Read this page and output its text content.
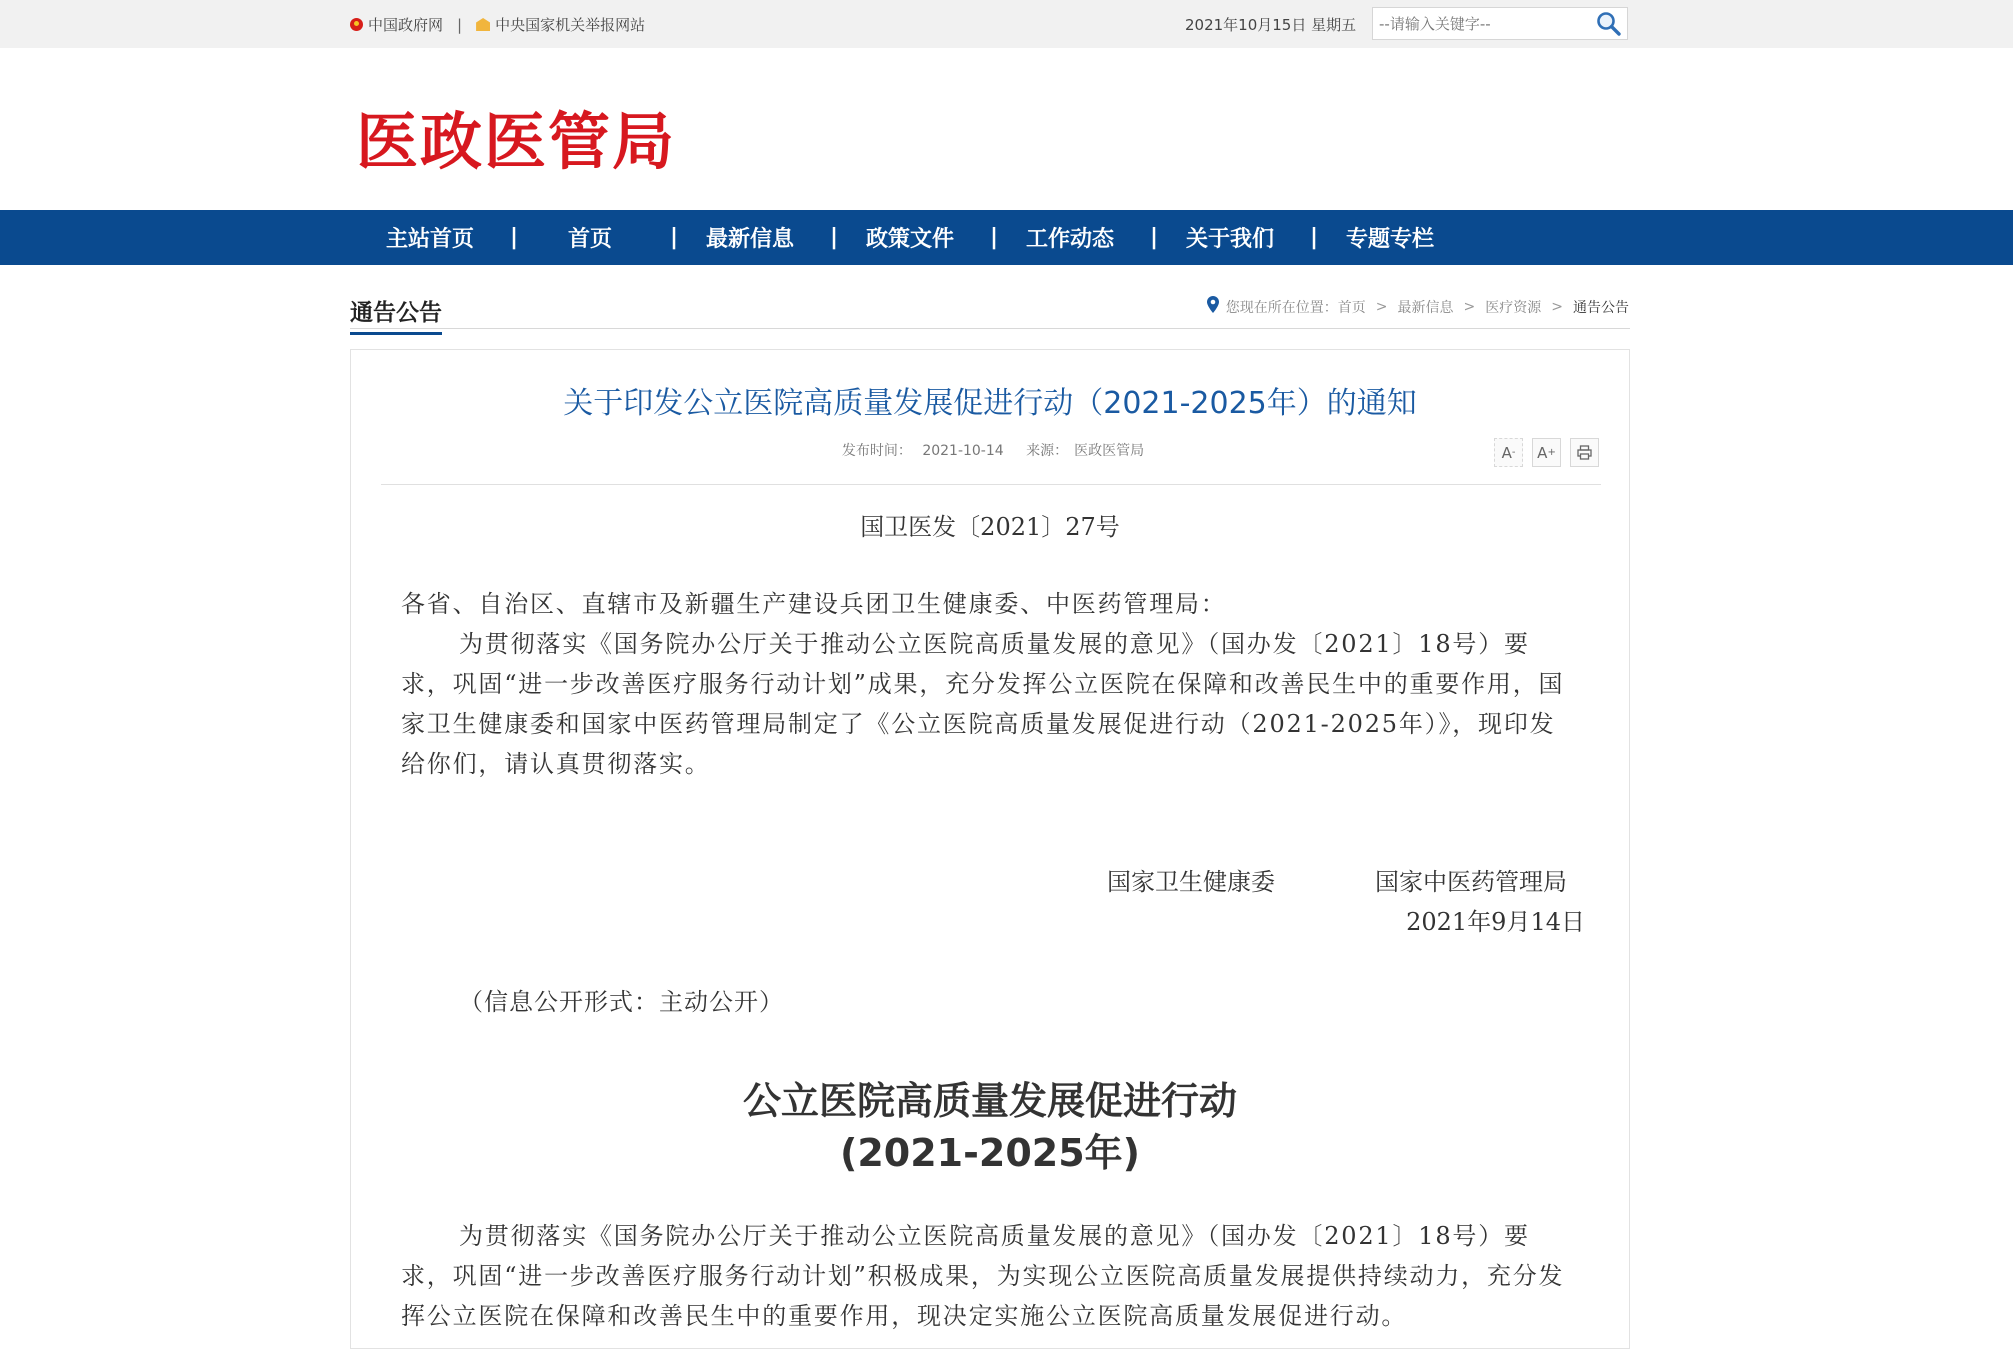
中国政府网 | 中央国家机关举报网站	2021年10月15日 星期五
--请输入关键字--
医政医管局
主站首页	|	首页	|	最新信息	|	政策文件	|	工作动态	|	关于我们	|	专题专栏
通告公告	您现在所在位置： 首页 > 最新信息 > 医疗资源 > 通告公告
关于印发公立医院高质量发展促进行动（2021-2025年）的通知
发布时间： 2021-10-14 来源： 医政医管局	A -	A +
国卫医发〔2021〕27号
各省、自治区、直辖市及新疆生产建设兵团卫生健康委、中医药管理局：
为贯彻落实《国务院办公厅关于推动公立医院高质量发展的意见》（国办发〔2021〕18号）要求，巩固“进一步改善医疗服务行动计划”成果，充分发挥公立医院在保障和改善民生中的重要作用，国家卫生健康委和国家中医药管理局制定了《公立医院高质量发展促进行动（2021-2025年）》，现印发给你们，请认真贯彻落实。
国家卫生健康委	国家中医药管理局
2021年9月14日
（信息公开形式：主动公开）
公立医院高质量发展促进行动
(2021-2025年)
为贯彻落实《国务院办公厅关于推动公立医院高质量发展的意见》（国办发〔2021〕18号）要求，巩固“进一步改善医疗服务行动计划”积极成果，为实现公立医院高质量发展提供持续动力，充分发挥公立医院在保障和改善民生中的重要作用，现决定实施公立医院高质量发展促进行动。
